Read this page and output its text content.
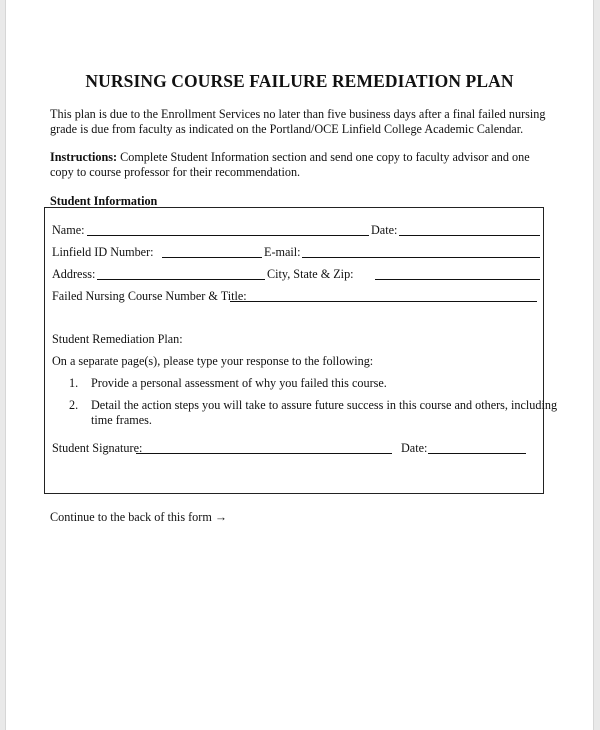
NURSING COURSE FAILURE REMEDIATION PLAN
This plan is due to the Enrollment Services no later than five business days after a final failed nursing grade is due from faculty as indicated on the Portland/OCE Linfield College Academic Calendar.
Instructions: Complete Student Information section and send one copy to faculty advisor and one copy to course professor for their recommendation.
Student Information
Name:	Date:
Linfield ID Number:	E-mail:
Address:	City, State & Zip:
Failed Nursing Course Number & Title:
Student Remediation Plan:
On a separate page(s), please type your response to the following:
1. Provide a personal assessment of why you failed this course.
2. Detail the action steps you will take to assure future success in this course and others, including time frames.
Student Signature:	Date:
Continue to the back of this form →
